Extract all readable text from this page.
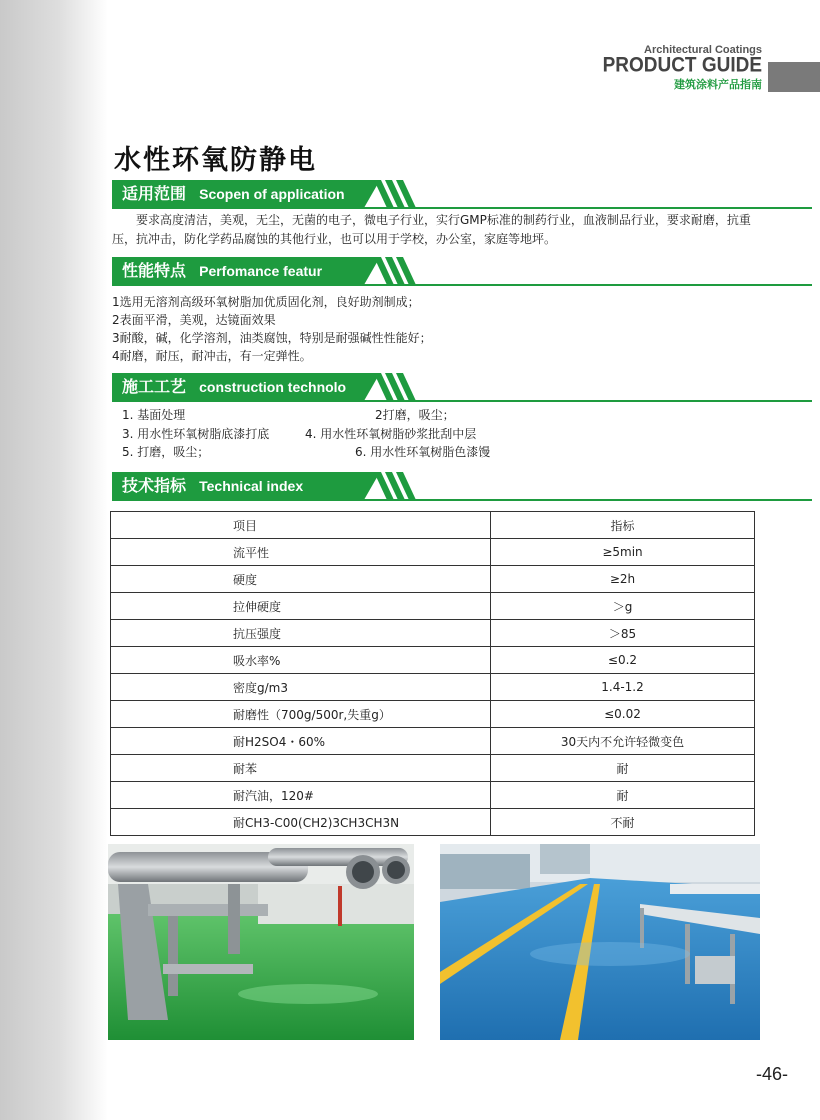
Architectural Coatings
PRODUCT GUIDE
建筑涂料产品指南
水性环氧防静电
适用范围 Scopen of application

要求高度清洁，美观，无尘，无菌的电子，微电子行业，实行GMP标准的制药行业，血液制品行业，要求耐磨，抗重压，抗冲击，防化学药品腐蚀的其他行业，也可以用于学校，办公室，家庭等地坪。

性能特点 Perfomance featur
1选用无溶剂高级环氧树脂加优质固化剂，良好助剂制成；
2表面平滑，美观，达镜面效果
3耐酸，碱，化学溶剂，油类腐蚀，特别是耐强碱性性能好；
4耐磨，耐压，耐冲击，有一定弹性。
施工工艺 construction technolo
1. 基面处理	2打磨，吸尘；
3. 用水性环氧树脂底漆打底	4. 用水性环氧树脂砂浆批刮中层
5. 打磨，吸尘；	6. 用水性环氧树脂色漆馒
技术指标 Technical index
项目	指标
流平性	≥5min
硬度	≥2h
拉伸硬度	＞g
抗压强度	＞85
吸水率%	≤0.2
密度g/m3	1.4-1.2
耐磨性（700g/500r,失重g）	≤0.02
耐H2SO4・60%	30天内不允许轻微变色
耐苯	耐
耐汽油，120#	耐
耐CH3-C00(CH2)3CH3CH3N	不耐
-46-
